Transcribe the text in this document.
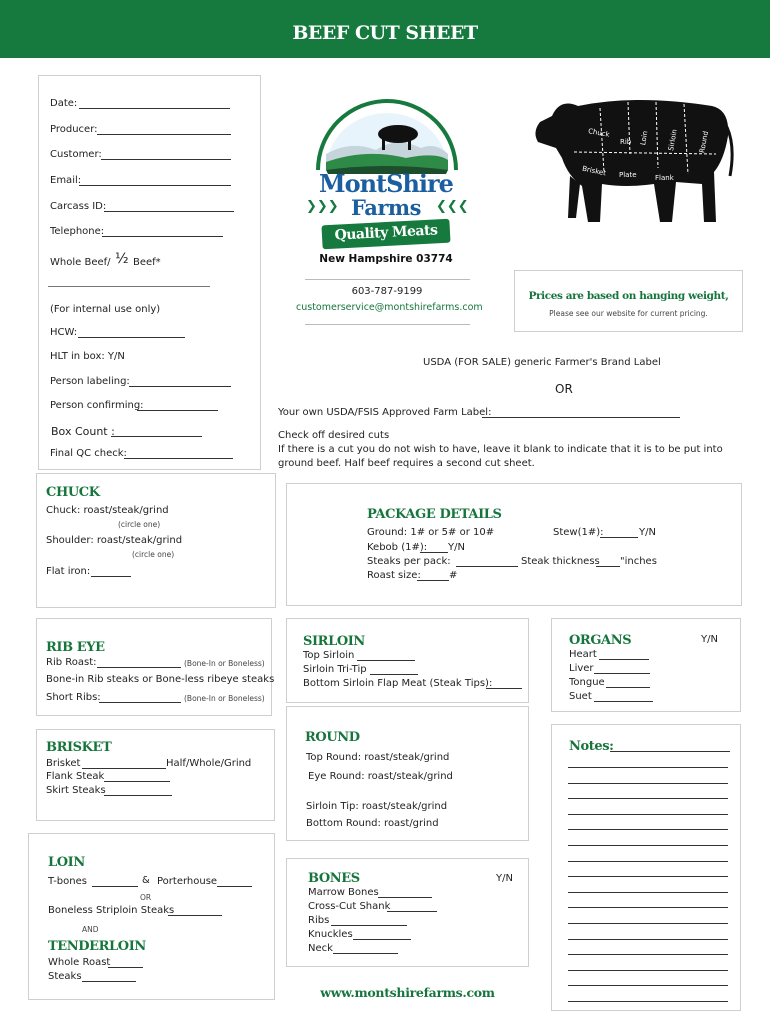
BEEF CUT SHEET
Date:
Producer:
Customer:
Email:
Carcass ID:
Telephone:
Whole Beef/ ½ Beef*
(For internal use only)
HCW:
HLT in box: Y/N
Person labeling:
Person confirming:
Box Count :
Final QC check:
MontShire
Farms
❯❯❯	❮❮❮
Quality Meats
New Hampshire 03774
603-787-9199
customerservice@montshirefarms.com
Chuck
Rib Loin	Sirloin	Round
Brisket Plate	Flank
Prices are based on hanging weight,
Please see our website for current pricing.
USDA (FOR SALE) generic Farmer's Brand Label
OR
Your own USDA/FSIS Approved Farm Label:
Check off desired cuts
If there is a cut you do not wish to have, leave it blank to indicate that it is to be put into
ground beef. Half beef requires a second cut sheet.
CHUCK
Chuck: roast/steak/grind
(circle one)
Shoulder: roast/steak/grind
(circle one)
Flat iron:
PACKAGE DETAILS
Ground: 1# or 5# or 10#	Stew(1#):	Y/N
Kebob (1#): Y/N
Steaks per pack:	Steak thickness "inches
Roast size:	#
RIB EYE
Rib Roast:	(Bone-In or Boneless)
Bone-in Rib steaks or Bone-less ribeye steaks
Short Ribs:	(Bone-In or Boneless)
SIRLOIN
Top Sirloin
Sirloin Tri-Tip
Bottom Sirloin Flap Meat (Steak Tips):
ORGANS	Y/N
Heart
Liver
Tongue
Suet
BRISKET
Brisket	Half/Whole/Grind
Flank Steak
Skirt Steaks
ROUND
Top Round: roast/steak/grind
Eye Round: roast/steak/grind
Sirloin Tip: roast/steak/grind
Bottom Round: roast/grind
Notes:
LOIN
T-bones	& Porterhouse
OR
Boneless Striploin Steaks
AND
TENDERLOIN
Whole Roast
Steaks
BONES	Y/N
Marrow Bones
Cross-Cut Shank
Ribs
Knuckles
Neck
www.montshirefarms.com
